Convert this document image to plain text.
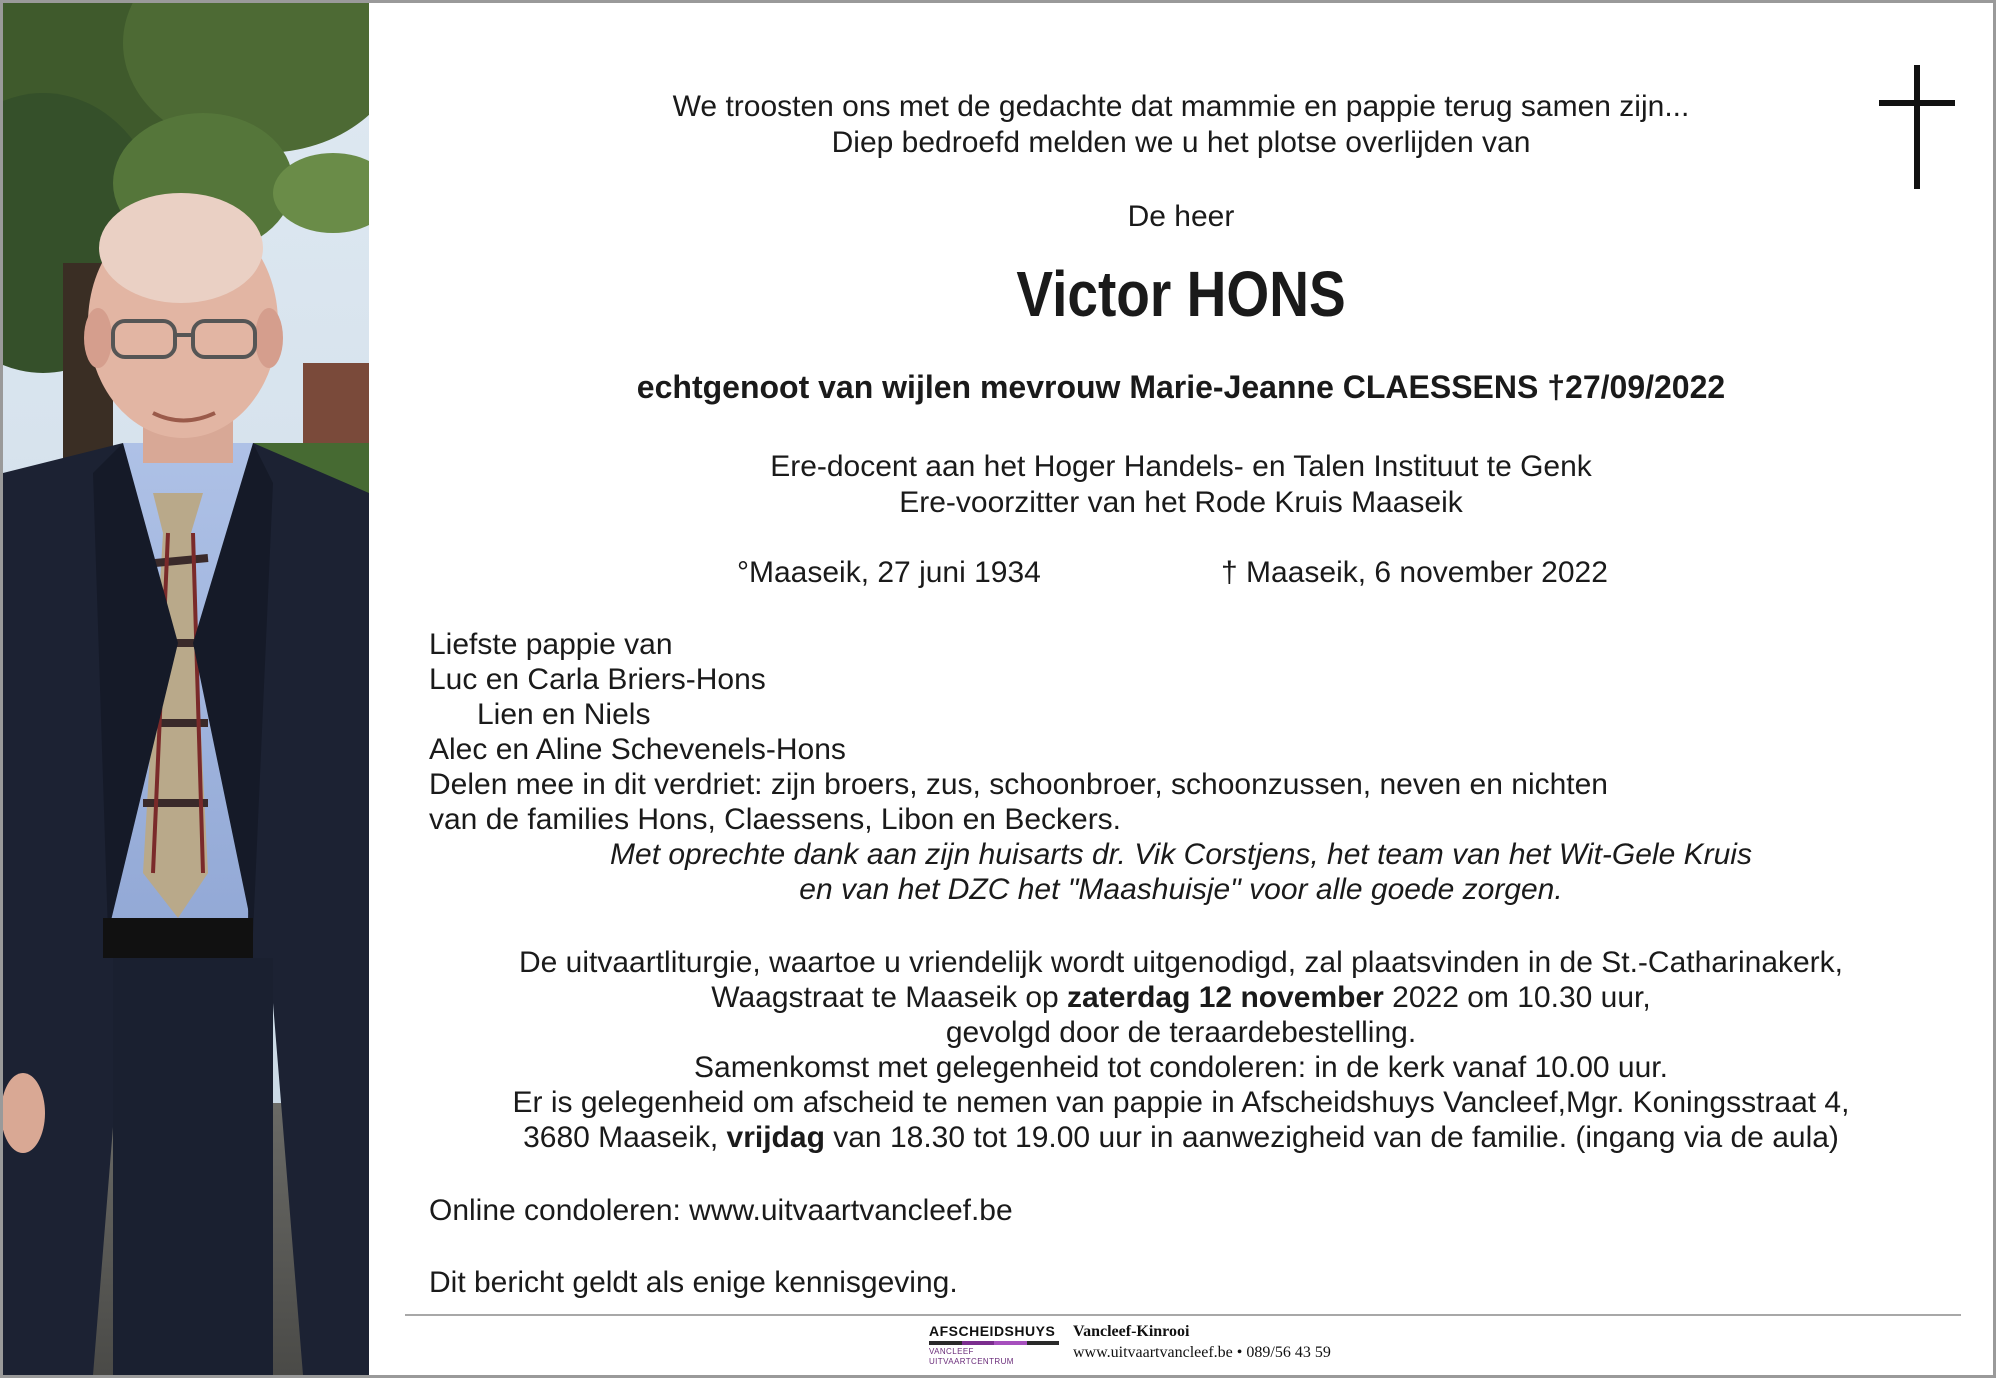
We troosten ons met de gedachte dat mammie en pappie terug samen zijn...
Diep bedroefd melden we u het plotse overlijden van
De heer
Victor HONS
echtgenoot van wijlen mevrouw Marie-Jeanne CLAESSENS †27/09/2022
Ere-docent aan het Hoger Handels- en Talen Instituut te Genk
Ere-voorzitter van het Rode Kruis Maaseik
°Maaseik, 27 juni 1934	† Maaseik, 6 november 2022
Liefste pappie van
Luc en Carla Briers-Hons
Lien en Niels
Alec en Aline Schevenels-Hons
Delen mee in dit verdriet: zijn broers, zus, schoonbroer, schoonzussen, neven en nichten
van de families Hons, Claessens, Libon en Beckers.
Met oprechte dank aan zijn huisarts dr. Vik Corstjens, het team van het Wit-Gele Kruis
en van het DZC het "Maashuisje" voor alle goede zorgen.
De uitvaartliturgie, waartoe u vriendelijk wordt uitgenodigd, zal plaatsvinden in de St.-Catharinakerk,
Waagstraat te Maaseik op zaterdag 12 november 2022 om 10.30 uur,
gevolgd door de teraardebestelling.
Samenkomst met gelegenheid tot condoleren: in de kerk vanaf 10.00 uur.
Er is gelegenheid om afscheid te nemen van pappie in Afscheidshuys Vancleef,Mgr. Koningsstraat 4,
3680 Maaseik, vrijdag van 18.30 tot 19.00 uur in aanwezigheid van de familie. (ingang via de aula)
Online condoleren: www.uitvaartvancleef.be
Dit bericht geldt als enige kennisgeving.
AFSCHEIDSHUYS
VANCLEEF UITVAARTCENTRUM
Vancleef-Kinrooi
www.uitvaartvancleef.be • 089/56 43 59
